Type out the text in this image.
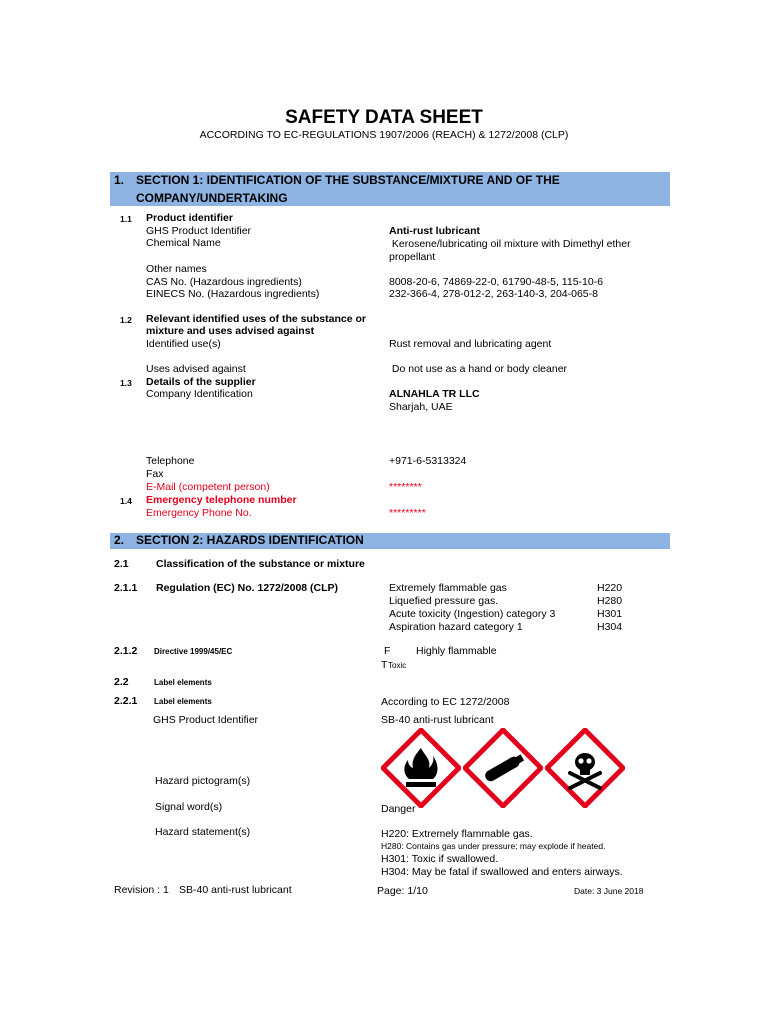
SAFETY DATA SHEET
ACCORDING TO EC-REGULATIONS 1907/2006 (REACH) & 1272/2008 (CLP)
1. SECTION 1: IDENTIFICATION OF THE SUBSTANCE/MIXTURE AND OF THE
COMPANY/UNDERTAKING
1.1 Product identifier
GHS Product Identifier	Anti-rust lubricant
Chemical Name	Kerosene/lubricating oil mixture with Dimethyl ether
propellant
Other names
CAS No. (Hazardous ingredients)	8008-20-6, 74869-22-0, 61790-48-5, 115-10-6
EINECS No. (Hazardous ingredients)	232-366-4, 278-012-2, 263-140-3, 204-065-8
1.2 Relevant identified uses of the substance or
mixture and uses advised against
Identified use(s)	Rust removal and lubricating agent
Uses advised against	Do not use as a hand or body cleaner
1.3 Details of the supplier
Company Identification	ALNAHLA TR LLC
Sharjah, UAE
Telephone	+971-6-5313324
Fax
E-Mail (competent person)	********
1.4 Emergency telephone number
Emergency Phone No.	*********
2. SECTION 2: HAZARDS IDENTIFICATION
2.1	Classification of the substance or mixture
2.1.1 Regulation (EC) No. 1272/2008 (CLP)	Extremely flammable gas	H220
Liquefied pressure gas.	H280
Acute toxicity (Ingestion) category 3	H301
Aspiration hazard category 1	H304
2.1.2 Directive 1999/45/EC	F Highly flammable
T Toxic
2.2	Label elements
2.2.1 Label elements	According to EC 1272/2008
GHS Product Identifier	SB-40 anti-rust lubricant
Hazard pictogram(s)
Signal word(s)	Danger
Hazard statement(s)	H220: Extremely flammable gas.
H280: Contains gas under pressure; may explode if heated.
H301: Toxic if swallowed.
H304: May be fatal if swallowed and enters airways.
Revision : 1 SB-40 anti-rust lubricant	Page: 1/10	Date: 3 June 2018
